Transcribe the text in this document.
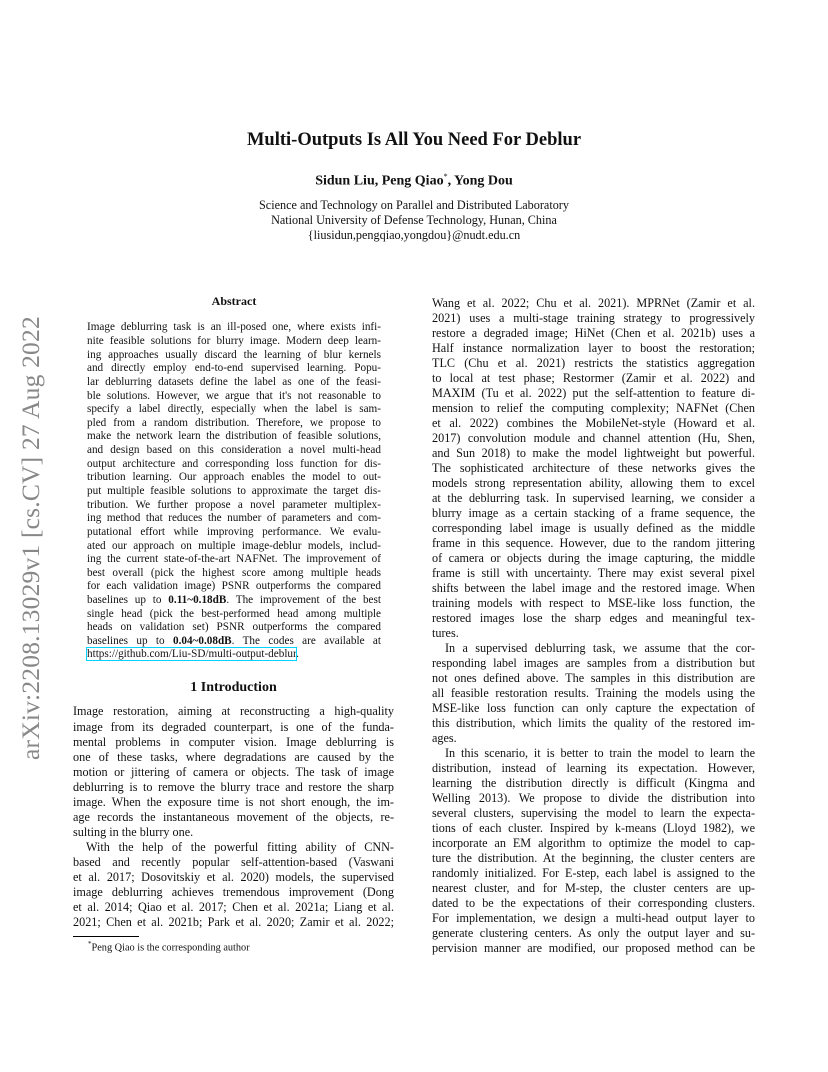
arXiv:2208.13029v1 [cs.CV] 27 Aug 2022
Multi-Outputs Is All You Need For Deblur
Sidun Liu, Peng Qiao*, Yong Dou
Science and Technology on Parallel and Distributed Laboratory
National University of Defense Technology, Hunan, China
{liusidun,pengqiao,yongdou}@nudt.edu.cn
Abstract
Image deblurring task is an ill-posed one, where exists infi-
nite feasible solutions for blurry image. Modern deep learn-
ing approaches usually discard the learning of blur kernels
and directly employ end-to-end supervised learning. Popu-
lar deblurring datasets define the label as one of the feasi-
ble solutions. However, we argue that it's not reasonable to
specify a label directly, especially when the label is sam-
pled from a random distribution. Therefore, we propose to
make the network learn the distribution of feasible solutions,
and design based on this consideration a novel multi-head
output architecture and corresponding loss function for dis-
tribution learning. Our approach enables the model to out-
put multiple feasible solutions to approximate the target dis-
tribution. We further propose a novel parameter multiplex-
ing method that reduces the number of parameters and com-
putational effort while improving performance. We evalu-
ated our approach on multiple image-deblur models, includ-
ing the current state-of-the-art NAFNet. The improvement of
best overall (pick the highest score among multiple heads
for each validation image) PSNR outperforms the compared
baselines up to 0.11~0.18dB. The improvement of the best
single head (pick the best-performed head among multiple
heads on validation set) PSNR outperforms the compared
baselines up to 0.04~0.08dB. The codes are available at
https://github.com/Liu-SD/multi-output-deblur.
1 Introduction
Image restoration, aiming at reconstructing a high-quality
image from its degraded counterpart, is one of the funda-
mental problems in computer vision. Image deblurring is
one of these tasks, where degradations are caused by the
motion or jittering of camera or objects. The task of image
deblurring is to remove the blurry trace and restore the sharp
image. When the exposure time is not short enough, the im-
age records the instantaneous movement of the objects, re-
sulting in the blurry one.
With the help of the powerful fitting ability of CNN-
based and recently popular self-attention-based (Vaswani
et al. 2017; Dosovitskiy et al. 2020) models, the supervised
image deblurring achieves tremendous improvement (Dong
et al. 2014; Qiao et al. 2017; Chen et al. 2021a; Liang et al.
2021; Chen et al. 2021b; Park et al. 2020; Zamir et al. 2022;
*Peng Qiao is the corresponding author
Wang et al. 2022; Chu et al. 2021). MPRNet (Zamir et al.
2021) uses a multi-stage training strategy to progressively
restore a degraded image; HiNet (Chen et al. 2021b) uses a
Half instance normalization layer to boost the restoration;
TLC (Chu et al. 2021) restricts the statistics aggregation
to local at test phase; Restormer (Zamir et al. 2022) and
MAXIM (Tu et al. 2022) put the self-attention to feature di-
mension to relief the computing complexity; NAFNet (Chen
et al. 2022) combines the MobileNet-style (Howard et al.
2017) convolution module and channel attention (Hu, Shen,
and Sun 2018) to make the model lightweight but powerful.
The sophisticated architecture of these networks gives the
models strong representation ability, allowing them to excel
at the deblurring task. In supervised learning, we consider a
blurry image as a certain stacking of a frame sequence, the
corresponding label image is usually defined as the middle
frame in this sequence. However, due to the random jittering
of camera or objects during the image capturing, the middle
frame is still with uncertainty. There may exist several pixel
shifts between the label image and the restored image. When
training models with respect to MSE-like loss function, the
restored images lose the sharp edges and meaningful tex-
tures.
In a supervised deblurring task, we assume that the cor-
responding label images are samples from a distribution but
not ones defined above. The samples in this distribution are
all feasible restoration results. Training the models using the
MSE-like loss function can only capture the expectation of
this distribution, which limits the quality of the restored im-
ages.
In this scenario, it is better to train the model to learn the
distribution, instead of learning its expectation. However,
learning the distribution directly is difficult (Kingma and
Welling 2013). We propose to divide the distribution into
several clusters, supervising the model to learn the expecta-
tions of each cluster. Inspired by k-means (Lloyd 1982), we
incorporate an EM algorithm to optimize the model to cap-
ture the distribution. At the beginning, the cluster centers are
randomly initialized. For E-step, each label is assigned to the
nearest cluster, and for M-step, the cluster centers are up-
dated to be the expectations of their corresponding clusters.
For implementation, we design a multi-head output layer to
generate clustering centers. As only the output layer and su-
pervision manner are modified, our proposed method can be
